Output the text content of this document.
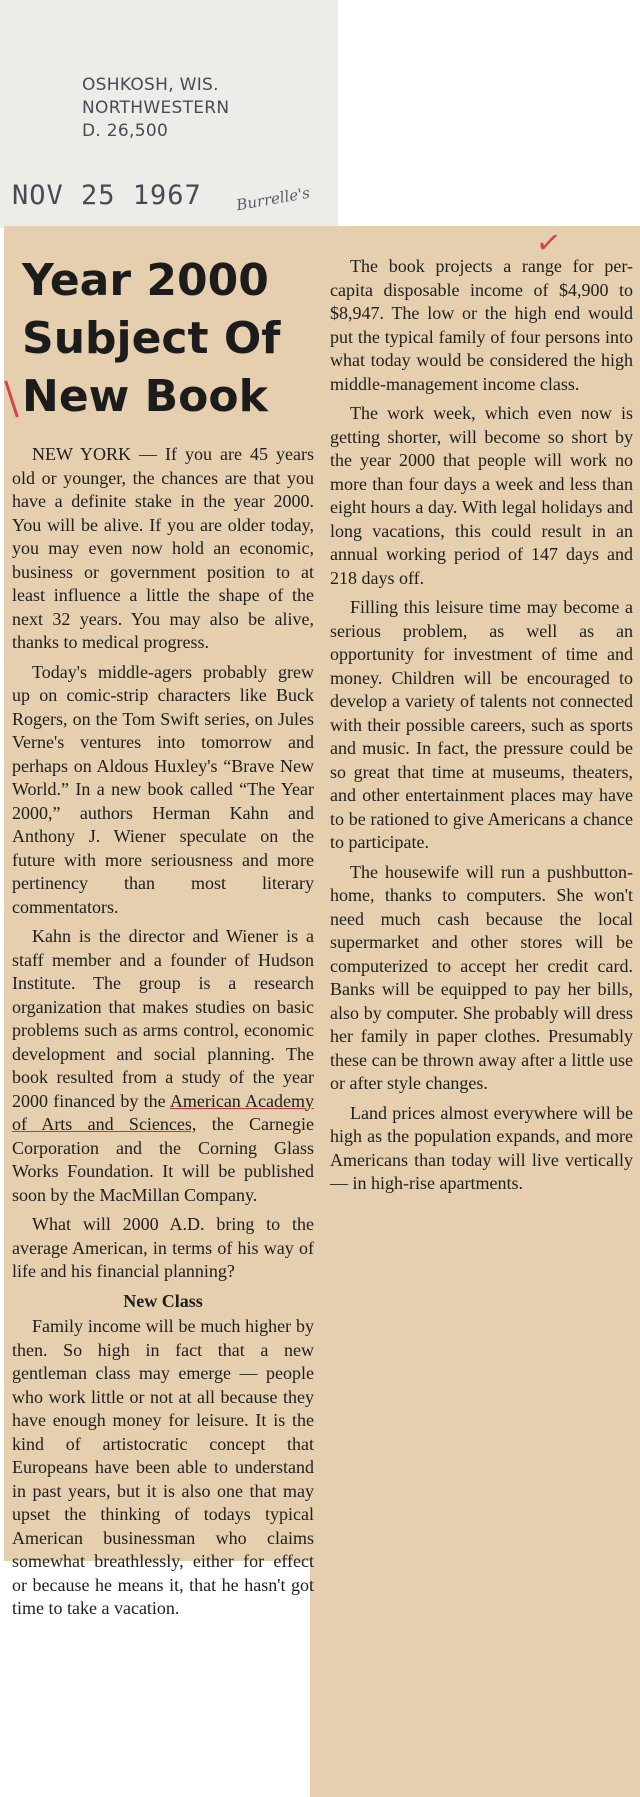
OSHKOSH, WIS.
NORTHWESTERN
D. 26,500
NOV 25 1967 Burrelle's
✓
Year 2000 Subject Of New Book

NEW YORK — If you are 45 years old or younger, the chances are that you have a definite stake in the year 2000. You will be alive. If you are older today, you may even now hold an economic, business or government position to at least influence a little the shape of the next 32 years. You may also be alive, thanks to medical progress.

Today's middle-agers probably grew up on comic-strip characters like Buck Rogers, on the Tom Swift series, on Jules Verne's ventures into tomorrow and perhaps on Aldous Huxley's “Brave New World.” In a new book called “The Year 2000,” authors Herman Kahn and Anthony J. Wiener speculate on the future with more seriousness and more pertinency than most literary commentators.

Kahn is the director and Wiener is a staff member and a founder of Hudson Institute. The group is a research organization that makes studies on basic problems such as arms control, economic development and social planning. The book resulted from a study of the year 2000 financed by the American Academy of Arts and Sciences, the Carnegie Corporation and the Corning Glass Works Foundation. It will be published soon by the MacMillan Company.

What will 2000 A.D. bring to the average American, in terms of his way of life and his financial planning?

New Class

Family income will be much higher by then. So high in fact that a new gentleman class may emerge — people who work little or not at all because they have enough money for leisure. It is the kind of artistocratic concept that Europeans have been able to understand in past years, but it is also one that may upset the thinking of todays typical American businessman who claims somewhat breathlessly, either for effect or because he means it, that he hasn't got time to take a vacation.

The book projects a range for per-capita disposable income of $4,900 to $8,947. The low or the high end would put the typical family of four persons into what today would be considered the high middle-management income class.

The work week, which even now is getting shorter, will become so short by the year 2000 that people will work no more than four days a week and less than eight hours a day. With legal holidays and long vacations, this could result in an annual working period of 147 days and 218 days off.

Filling this leisure time may become a serious problem, as well as an opportunity for investment of time and money. Children will be encouraged to develop a variety of talents not connected with their possible careers, such as sports and music. In fact, the pressure could be so great that time at museums, theaters, and other entertainment places may have to be rationed to give Americans a chance to participate.

The housewife will run a pushbutton-home, thanks to computers. She won't need much cash because the local supermarket and other stores will be computerized to accept her credit card. Banks will be equipped to pay her bills, also by computer. She probably will dress her family in paper clothes. Presumably these can be thrown away after a little use or after style changes.

Land prices almost everywhere will be high as the population expands, and more Americans than today will live vertically — in high-rise apartments.
